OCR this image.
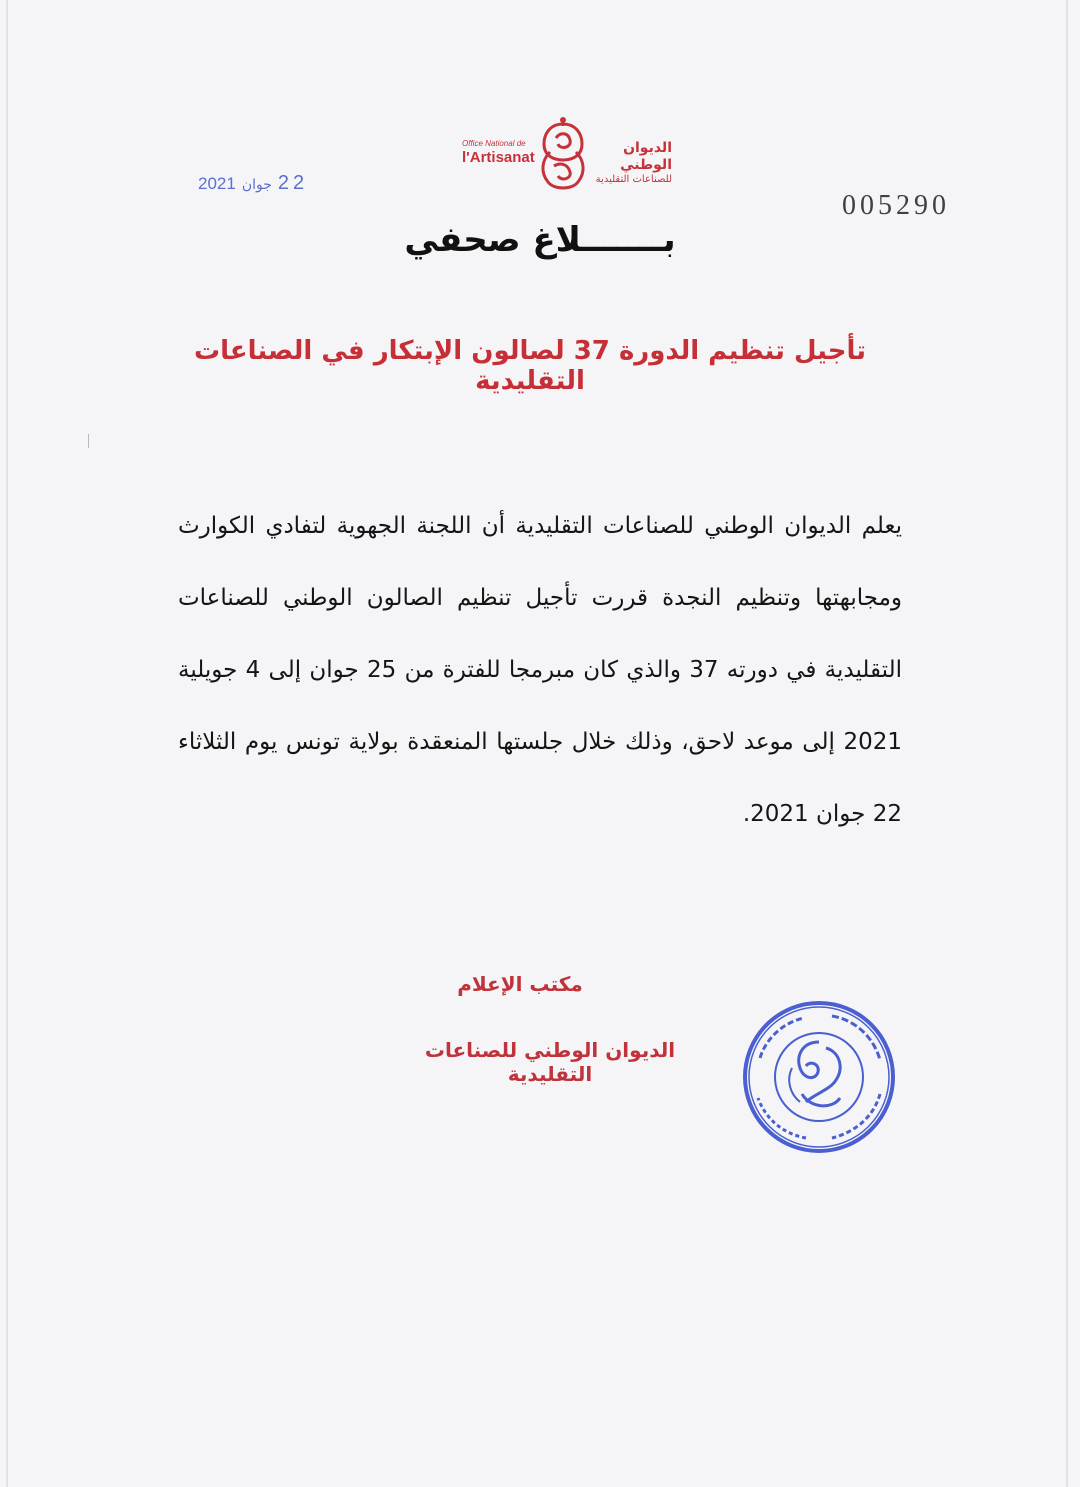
Office National de
l'Artisanat
الديوان الوطني
للصناعات التقليدية
2021 جوان 22
005290
بـــــــلاغ صحفي
تأجيل تنظيم الدورة 37 لصالون الإبتكار في الصناعات التقليدية
يعلم الديوان الوطني للصناعات التقليدية أن اللجنة الجهوية لتفادي الكوارث ومجابهتها وتنظيم النجدة قررت تأجيل تنظيم الصالون الوطني للصناعات التقليدية في دورته 37 والذي كان مبرمجا للفترة من 25 جوان إلى 4 جويلية 2021 إلى موعد لاحق، وذلك خلال جلستها المنعقدة بولاية تونس يوم الثلاثاء 22 جوان 2021.
مكتب الإعلام
الديوان الوطني للصناعات التقليدية
